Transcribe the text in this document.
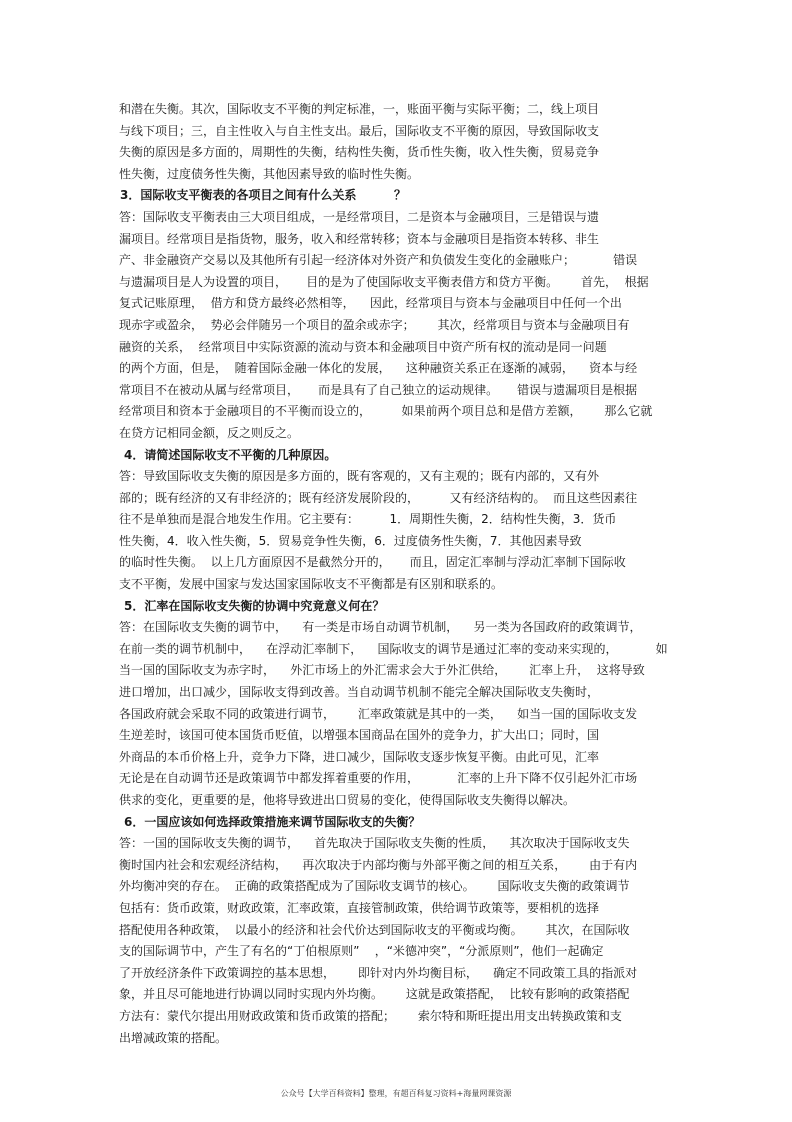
和潜在失衡。其次，国际收支不平衡的判定标准，一，账面平衡与实际平衡；二，线上项目
与线下项目；三，自主性收入与自主性支出。最后，国际收支不平衡的原因，导致国际收支
失衡的原因是多方面的，周期性的失衡，结构性失衡，货币性失衡，收入性失衡，贸易竞争
性失衡，过度债务性失衡，其他因素导致的临时性失衡。
3．国际收支平衡表的各项目之间有什么关系         ？
答：国际收支平衡表由三大项目组成，一是经常项目，二是资本与金融项目，三是错误与遗
漏项目。经常项目是指货物，服务，收入和经常转移；资本与金融项目是指资本转移、非生
产、非金融资产交易以及其他所有引起一经济体对外资产和负债发生变化的金融账户；          错误
与遗漏项目是人为设置的项目，     目的是为了使国际收支平衡表借方和贷方平衡。      首先，  根据
复式记账原理，  借方和贷方最终必然相等，    因此，经常项目与资本与金融项目中任何一个出
现赤字或盈余，  势必会伴随另一个项目的盈余或赤字；      其次，经常项目与资本与金融项目有
融资的关系，  经常项目中实际资源的流动与资本和金融项目中资产所有权的流动是同一问题
的两个方面，但是，  随着国际金融一体化的发展，    这种融资关系正在逐渐的减弱，    资本与经
常项目不在被动从属与经常项目，     而是具有了自己独立的运动规律。     错误与遗漏项目是根据
经常项目和资本于金融项目的不平衡而设立的，        如果前两个项目总和是借方差额，      那么它就
在贷方记相同金额，反之则反之。
4．请简述国际收支不平衡的几种原因。
答：导致国际收支失衡的原因是多方面的，既有客观的，又有主观的；既有内部的，又有外
部的；既有经济的又有非经济的；既有经济发展阶段的，        又有经济结构的。  而且这些因素往
往不是单独而是混合地发生作用。它主要有：        1．周期性失衡，2．结构性失衡，3．货币
性失衡，4．收入性失衡，5．贸易竞争性失衡，6．过度债务性失衡，7．其他因素导致
的临时性失衡。  以上几方面原因不是截然分开的，     而且，固定汇率制与浮动汇率制下国际收
支不平衡，发展中国家与发达国家国际收支不平衡都是有区别和联系的。
5．汇率在国际收支失衡的协调中究竟意义何在？
答：在国际收支失衡的调节中，    有一类是市场自动调节机制，    另一类为各国政府的政策调节，
在前一类的调节机制中，    在浮动汇率制下，    国际收支的调节是通过汇率的变动来实现的，          如
当一国的国际收支为赤字时，    外汇市场上的外汇需求会大于外汇供给，      汇率上升，  这将导致
进口增加，出口减少，国际收支得到改善。当自动调节机制不能完全解决国际收支失衡时，
各国政府就会采取不同的政策进行调节，      汇率政策就是其中的一类，    如当一国的国际收支发
生逆差时，该国可使本国货币贬值，以增强本国商品在国外的竞争力，扩大出口；同时，国
外商品的本币价格上升，竞争力下降，进口减少，国际收支逐步恢复平衡。由此可见，汇率
无论是在自动调节还是政策调节中都发挥着重要的作用，          汇率的上升下降不仅引起外汇市场
供求的变化，更重要的是，他将导致进出口贸易的变化，使得国际收支失衡得以解决。
6．一国应该如何选择政策措施来调节国际收支的失衡？
答：一国的国际收支失衡的调节，    首先取决于国际收支失衡的性质，    其次取决于国际收支失
衡时国内社会和宏观经济结构，    再次取决于内部均衡与外部平衡之间的相互关系，      由于有内
外均衡冲突的存在。  正确的政策搭配成为了国际收支调节的核心。      国际收支失衡的政策调节
包括有：货币政策，财政政策，汇率政策，直接管制政策，供给调节政策等，要相机的选择
搭配使用各种政策，  以最小的经济和社会代价达到国际收支的平衡或均衡。      其次，在国际收
支的国际调节中，产生了有名的“丁伯根原则”    ，“米德冲突”，“分派原则”，他们一起确定
了开放经济条件下政策调控的基本思想，      即针对内外均衡目标，    确定不同政策工具的指派对
象，并且尽可能地进行协调以同时实现内外均衡。      这就是政策搭配，  比较有影响的政策搭配
方法有：蒙代尔提出用财政政策和货币政策的搭配；      索尔特和斯旺提出用支出转换政策和支
出增减政策的搭配。
公众号【大学百科资料】整理，有超百科复习资料+海量网课资源
